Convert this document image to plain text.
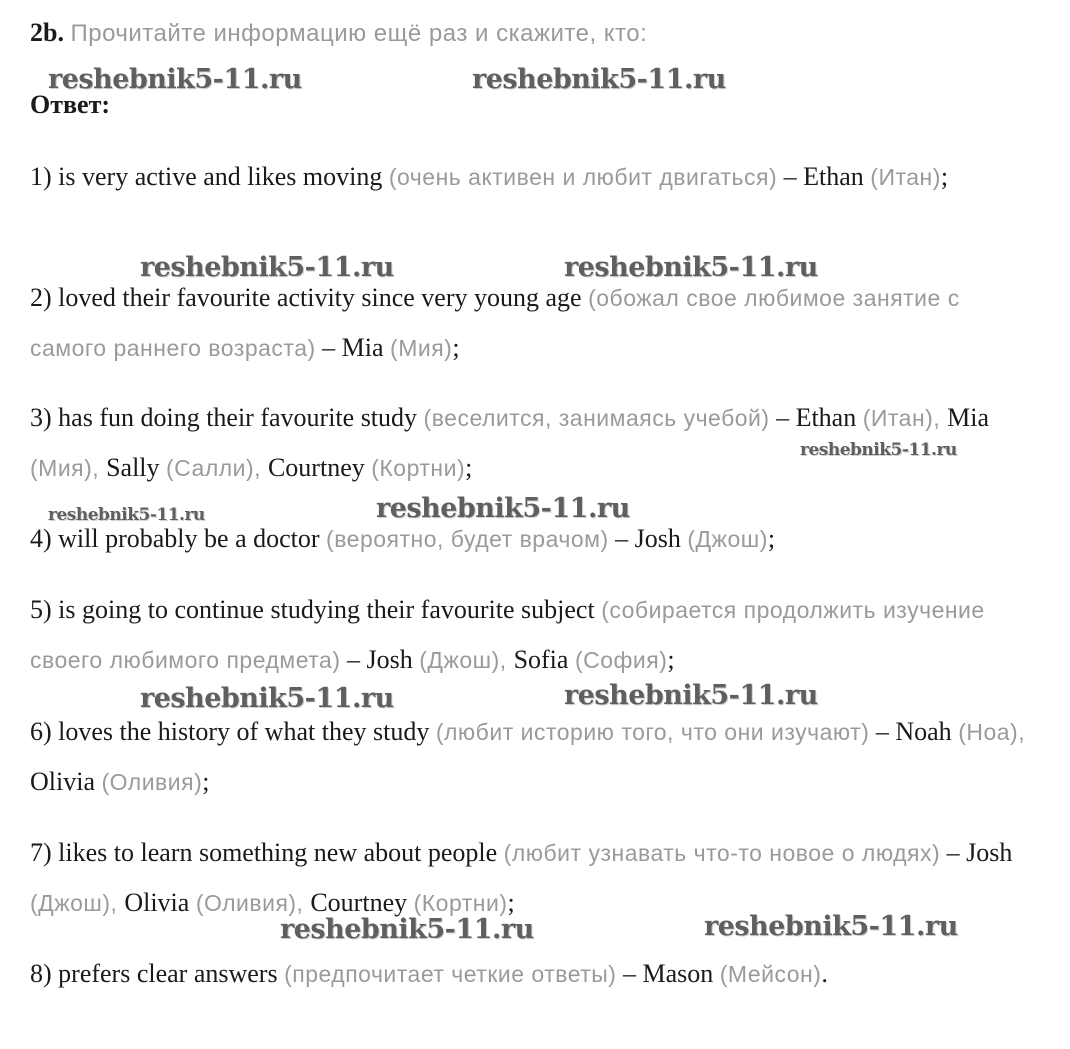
2b. Прочитайте информацию ещё раз и скажите, кто:
reshebnik5-11.ru	reshebnik5-11.ru
Ответ:
1) is very active and likes moving (очень активен и любит двигаться) – Ethan (Итан);
reshebnik5-11.ru	reshebnik5-11.ru
2) loved their favourite activity since very young age (обожал свое любимое занятие с самого раннего возраста) – Mia (Мия);
3) has fun doing their favourite study (веселится, занимаясь учебой) – Ethan (Итан), Mia (Мия), Sally (Салли), Courtney (Кортни);
reshebnik5-11.ru
reshebnik5-11.ru	reshebnik5-11.ru
4) will probably be a doctor (вероятно, будет врачом) – Josh (Джош);
5) is going to continue studying their favourite subject (собирается продолжить изучение своего любимого предмета) – Josh (Джош), Sofia (София);
reshebnik5-11.ru	reshebnik5-11.ru
6) loves the history of what they study (любит историю того, что они изучают) – Noah (Ноа), Olivia (Оливия);
7) likes to learn something new about people (любит узнавать что-то новое о людях) – Josh (Джош), Olivia (Оливия), Courtney (Кортни);
reshebnik5-11.ru	reshebnik5-11.ru
8) prefers clear answers (предпочитает четкие ответы) – Mason (Мейсон).
